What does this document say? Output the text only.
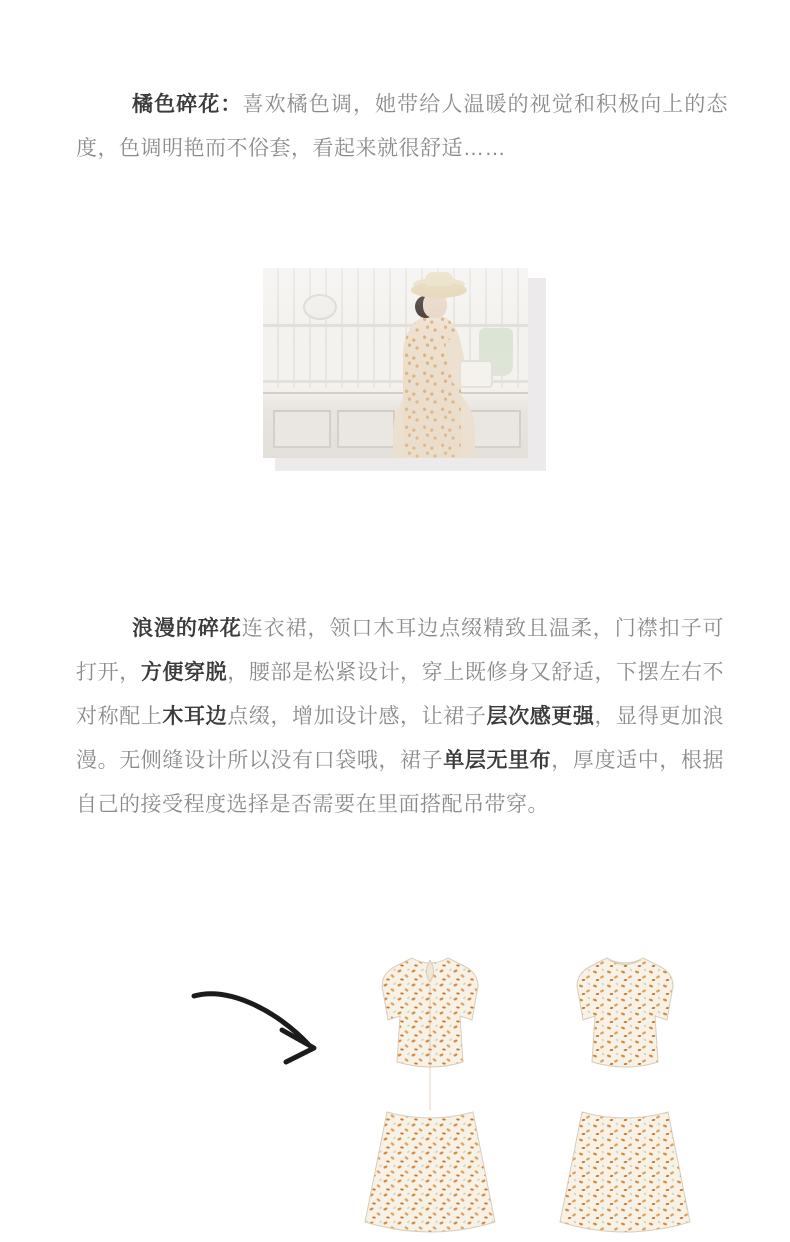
橘色碎花：喜欢橘色调，她带给人温暖的视觉和积极向上的态度，色调明艳而不俗套，看起来就很舒适……

浪漫的碎花连衣裙，领口木耳边点缀精致且温柔，门襟扣子可打开，方便穿脱，腰部是松紧设计，穿上既修身又舒适，下摆左右不对称配上木耳边点缀，增加设计感，让裙子层次感更强，显得更加浪漫。无侧缝设计所以没有口袋哦，裙子单层无里布，厚度适中，根据自己的接受程度选择是否需要在里面搭配吊带穿。
